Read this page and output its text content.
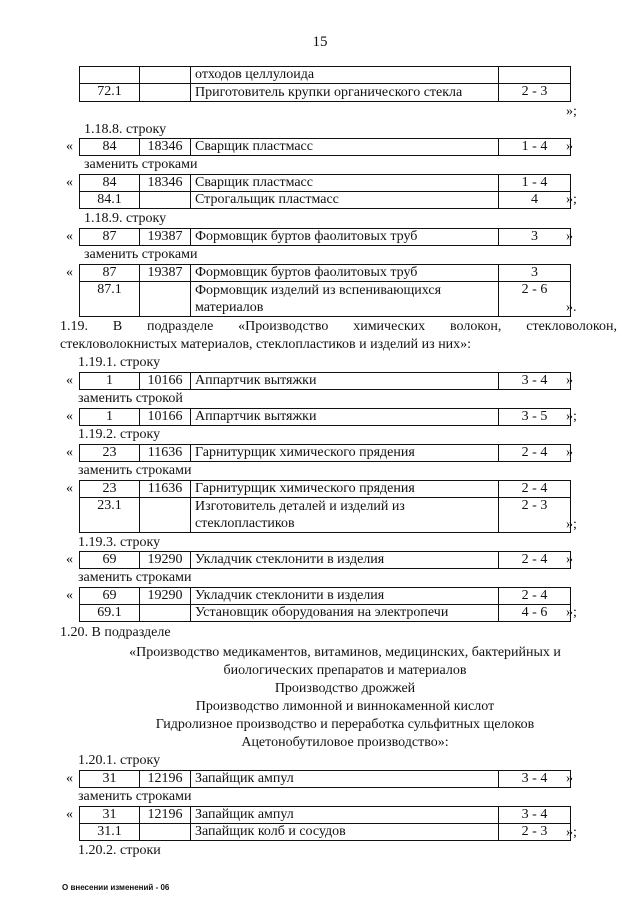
15
		отходов целлулоида	
72.1		Приготовитель крупки органического стекла	2 - 3
»;
1.18.8. строку
« 84	18346	Сварщик пластмасс	1 - 4 »
заменить строками
« 84	18346	Сварщик пластмасс	1 - 4
84.1		Строгальщик пластмасс	4 »;
1.18.9. строку
« 87	19387	Формовщик буртов фаолитовых труб	3 »
заменить строками
« 87	19387	Формовщик буртов фаолитовых труб	3
87.1		Формовщик изделий из вспенивающихся материалов	2 - 6
».
1.19. В подразделе «Производство химических волокон, стекловолокон,
стекловолокнистых материалов, стеклопластиков и изделий из них»:
1.19.1. строку
« 1	10166	Аппартчик вытяжки	3 - 4 »
заменить строкой
« 1	10166	Аппартчик вытяжки	3 - 5 »;
1.19.2. строку
« 23	11636	Гарнитурщик химического прядения	2 - 4 »
заменить строками
« 23	11636	Гарнитурщик химического прядения	2 - 4
23.1		Изготовитель деталей и изделий из стеклопластиков	2 - 3
»;
1.19.3. строку
« 69	19290	Укладчик стеклонити в изделия	2 - 4 »
заменить строками
« 69	19290	Укладчик стеклонити в изделия	2 - 4
69.1		Установщик оборудования на электропечи	4 - 6 »;
1.20. В подразделе
«Производство медикаментов, витаминов, медицинских, бактерийных и
биологических препаратов и материалов
Производство дрожжей
Производство лимонной и виннокаменной кислот
Гидролизное производство и переработка сульфитных щелоков
Ацетонобутиловое производство»:
1.20.1. строку
« 31	12196	Запайщик ампул	3 - 4 »
заменить строками
« 31	12196	Запайщик ампул	3 - 4
31.1		Запайщик колб и сосудов	2 - 3 »;
1.20.2. строки
О внесении изменений - 06
